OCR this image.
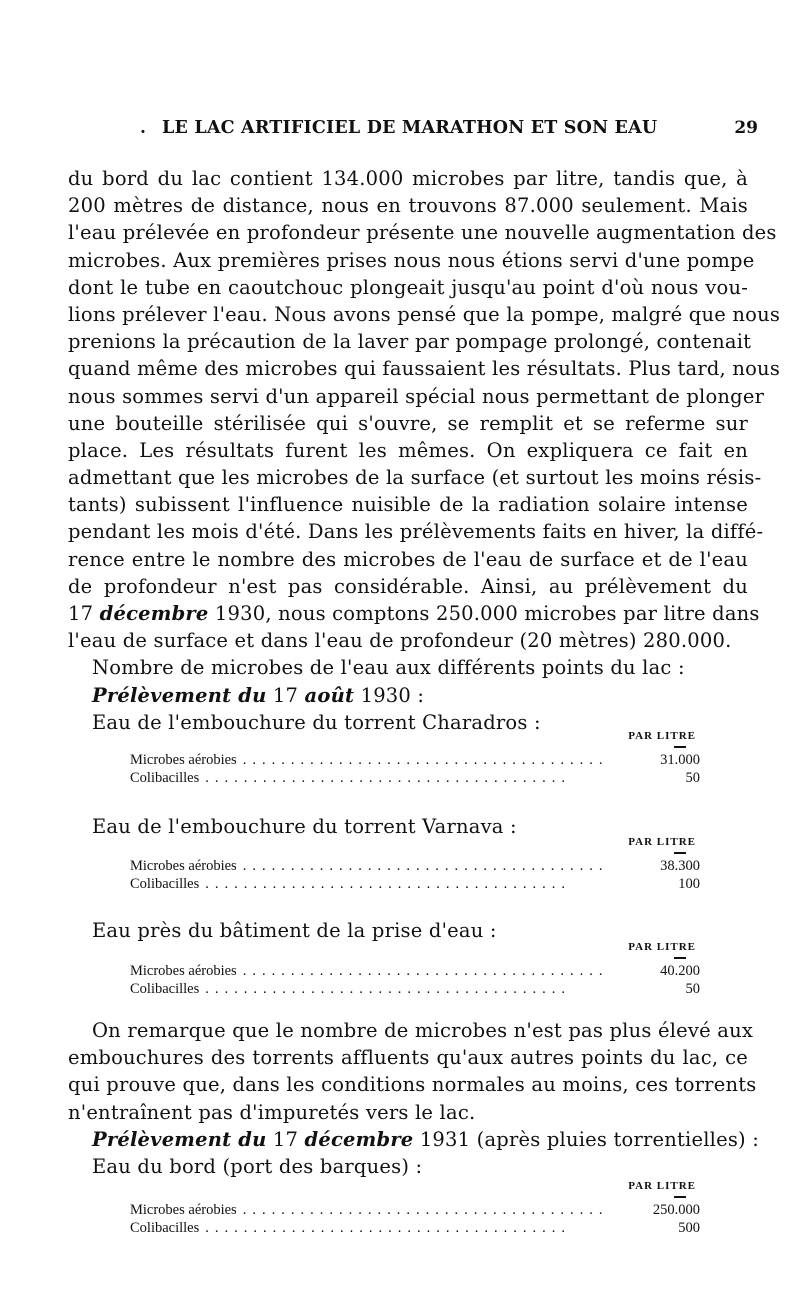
. LE LAC ARTIFICIEL DE MARATHON ET SON EAU	29
du bord du lac contient 134.000 microbes par litre, tandis que, à
200 mètres de distance, nous en trouvons 87.000 seulement. Mais
l'eau prélevée en profondeur présente une nouvelle augmentation des
microbes. Aux premières prises nous nous étions servi d'une pompe
dont le tube en caoutchouc plongeait jusqu'au point d'où nous vou-
lions prélever l'eau. Nous avons pensé que la pompe, malgré que nous
prenions la précaution de la laver par pompage prolongé, contenait
quand même des microbes qui faussaient les résultats. Plus tard, nous
nous sommes servi d'un appareil spécial nous permettant de plonger
une bouteille stérilisée qui s'ouvre, se remplit et se referme sur
place. Les résultats furent les mêmes. On expliquera ce fait en
admettant que les microbes de la surface (et surtout les moins résis-
tants) subissent l'influence nuisible de la radiation solaire intense
pendant les mois d'été. Dans les prélèvements faits en hiver, la diffé-
rence entre le nombre des microbes de l'eau de surface et de l'eau
de profondeur n'est pas considérable. Ainsi, au prélèvement du
17 décembre 1930, nous comptons 250.000 microbes par litre dans
l'eau de surface et dans l'eau de profondeur (20 mètres) 280.000.
Nombre de microbes de l'eau aux différents points du lac :
Prélèvement du 17 août 1930 :
Eau de l'embouchure du torrent Charadros :
PAR LITRE
Microbes aérobies ......................................	31.000
Colibacilles ......................................	50
Eau de l'embouchure du torrent Varnava :
PAR LITRE
Microbes aérobies ......................................	38.300
Colibacilles ......................................	100
Eau près du bâtiment de la prise d'eau :
PAR LITRE
Microbes aérobies ......................................	40.200
Colibacilles ......................................	50
On remarque que le nombre de microbes n'est pas plus élevé aux
embouchures des torrents affluents qu'aux autres points du lac, ce
qui prouve que, dans les conditions normales au moins, ces torrents
n'entraînent pas d'impuretés vers le lac.
Prélèvement du 17 décembre 1931 (après pluies torrentielles) :
Eau du bord (port des barques) :
PAR LITRE
Microbes aérobies ......................................	250.000
Colibacilles ......................................	500
